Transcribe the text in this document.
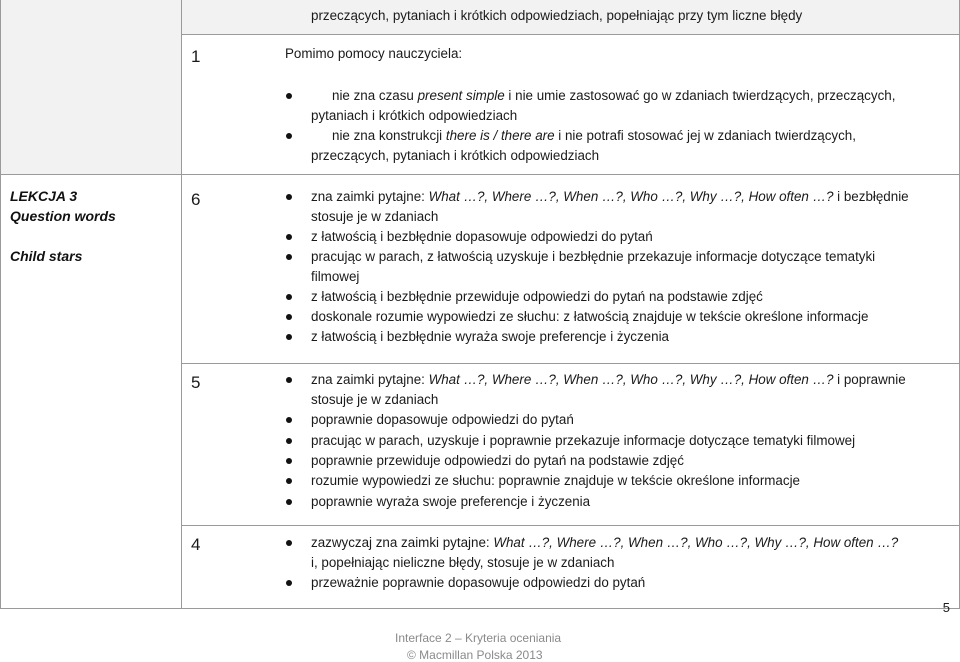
przeczących, pytaniach i krótkich odpowiedziach, popełniając przy tym liczne błędy
1	Pomimo pomocy nauczyciela:
nie zna czasu present simple i nie umie zastosować go w zdaniach twierdzących, przeczących,
pytaniach i krótkich odpowiedziach
nie zna konstrukcji there is / there are i nie potrafi stosować jej w zdaniach twierdzących,
przeczących, pytaniach i krótkich odpowiedziach
LEKCJA 3
Question words
Child stars
6	zna zaimki pytajne: What …?, Where …?, When …?, Who …?, Why …?, How often …? i bezbłędnie
stosuje je w zdaniach
z łatwością i bezbłędnie dopasowuje odpowiedzi do pytań
pracując w parach, z łatwością uzyskuje i bezbłędnie przekazuje informacje dotyczące tematyki
filmowej
z łatwością i bezbłędnie przewiduje odpowiedzi do pytań na podstawie zdjęć
doskonale rozumie wypowiedzi ze słuchu: z łatwością znajduje w tekście określone informacje
z łatwością i bezbłędnie wyraża swoje preferencje i życzenia
5	zna zaimki pytajne: What …?, Where …?, When …?, Who …?, Why …?, How often …? i poprawnie
stosuje je w zdaniach
poprawnie dopasowuje odpowiedzi do pytań
pracując w parach, uzyskuje i poprawnie przekazuje informacje dotyczące tematyki filmowej
poprawnie przewiduje odpowiedzi do pytań na podstawie zdjęć
rozumie wypowiedzi ze słuchu: poprawnie znajduje w tekście określone informacje
poprawnie wyraża swoje preferencje i życzenia
4	zazwyczaj zna zaimki pytajne: What …?, Where …?, When …?, Who …?, Why …?, How often …?
i, popełniając nieliczne błędy, stosuje je w zdaniach
przeważnie poprawnie dopasowuje odpowiedzi do pytań
5
Interface 2 – Kryteria oceniania
© Macmillan Polska 2013
